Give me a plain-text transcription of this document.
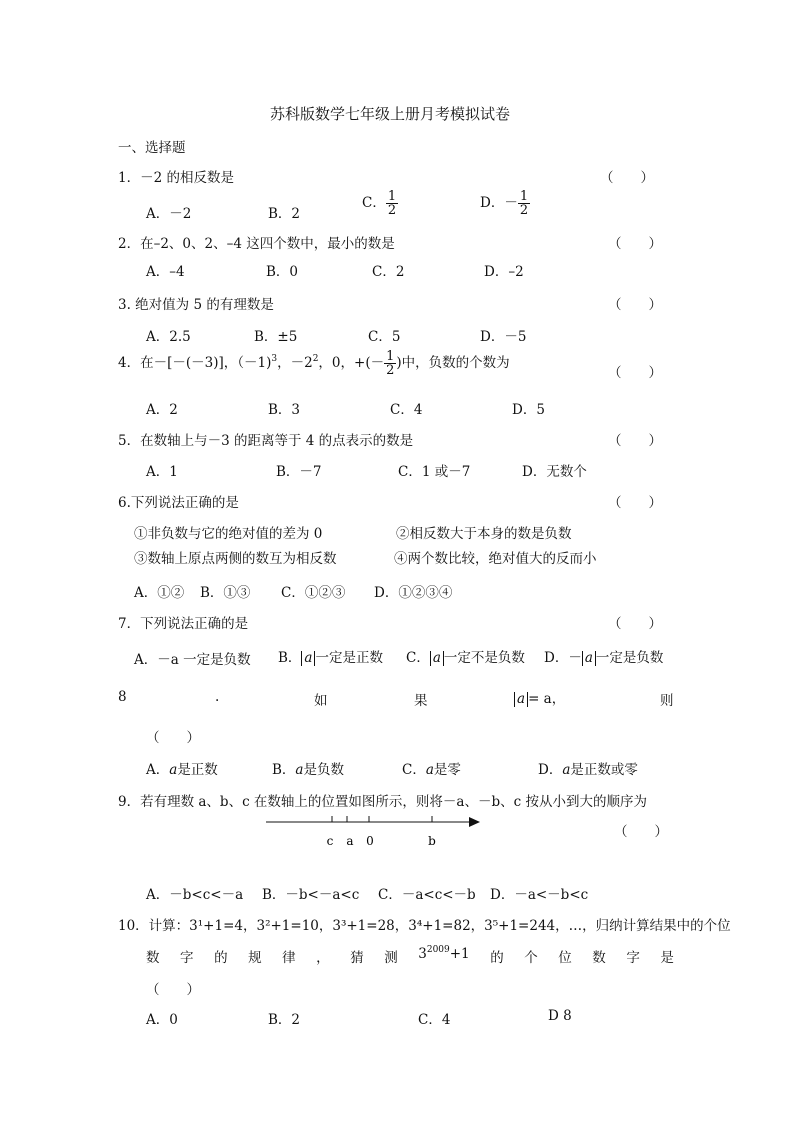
苏科版数学七年级上册月考模拟试卷
一、选择题
1．－2 的相反数是	（　　）
A．－2	B．2
C． $\frac{1}{2}$	D．－ $\frac{1}{2}$
2．在–2、0、2、–4 这四个数中，最小的数是	（　　）
A．–4	B．0	C．2	D．–2
3. 绝对值为 5 的有理数是	（　　）
A．2.5	B．±5	C．5	D．－5
4．在－[－(－3)]，（－1)$^3$，$-2^2$，0，+(－ $\frac{1}{2}$ )中，负数的个数为
（　　）
A．2	B．3	C．4	D．5
5．在数轴上与－3 的距离等于 4 的点表示的数是	（　　）
A．1	B．－7	C．1 或－7	D．无数个
6.下列说法正确的是	（　　）
①非负数与它的绝对值的差为 0	②相反数大于本身的数是负数
③数轴上原点两侧的数互为相反数	④两个数比较，绝对值大的反而小
A．①② B．①③ C．①②③ D．①②③④
7．下列说法正确的是	（　　）
A．－a 一定是负数 B． a 一定是正数 C． a 一定不是负数 D．－ a 一定是负数
8	.	如	果	a = a，	则
（　　）
A．a是正数	B．a是负数	C．a是零	D．a是正数或零
9．若有理数 a、b、c 在数轴上的位置如图所示，则将－a、－b、c 按从小到大的顺序为
（　　）
c a 0	b
A．－b<c<－a B．－b<－a<c C．－a<c<－b D．－a<－b<c
10．计算：3¹+1=4，3²+1=10，3³+1=28，3⁴+1=82，3⁵+1=244，…，归纳计算结果中的个位
数 字 的 规 律 ， 猜 测 $3^{2009}+1$ 的 个 位 数 字 是
（　　）
A．0	B．2	C．4	D 8
